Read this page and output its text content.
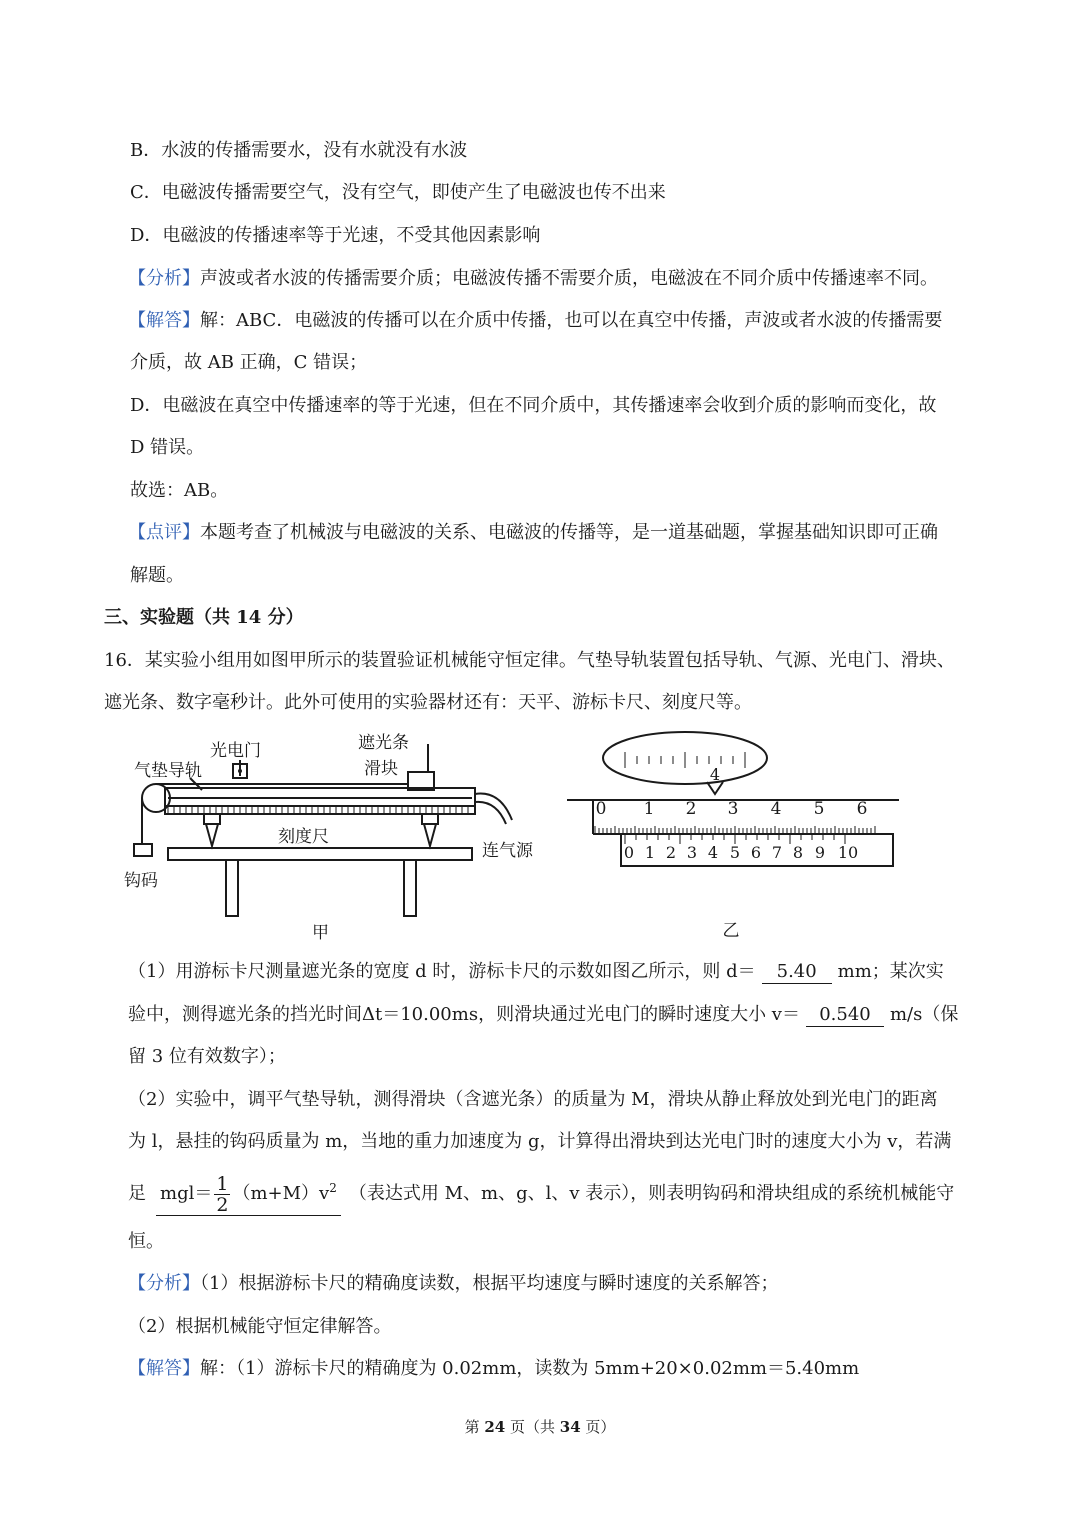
B．水波的传播需要水，没有水就没有水波
C．电磁波传播需要空气，没有空气，即使产生了电磁波也传不出来
D．电磁波的传播速率等于光速，不受其他因素影响
【分析】声波或者水波的传播需要介质；电磁波传播不需要介质，电磁波在不同介质中传播速率不同。
【解答】解：ABC．电磁波的传播可以在介质中传播，也可以在真空中传播，声波或者水波的传播需要
介质，故 AB 正确，C 错误；
D．电磁波在真空中传播速率的等于光速，但在不同介质中，其传播速率会收到介质的影响而变化，故
D 错误。
故选：AB。
【点评】本题考查了机械波与电磁波的关系、电磁波的传播等，是一道基础题，掌握基础知识即可正确
解题。
三、实验题（共 14 分）
16．某实验小组用如图甲所示的装置验证机械能守恒定律。气垫导轨装置包括导轨、气源、光电门、滑块、
遮光条、数字毫秒计。此外可使用的实验器材还有：天平、游标卡尺、刻度尺等。
气垫导轨
光电门	遮光条
滑块
刻度尺
连气源
钩码
甲
0 1 2 3 4 5 6
0 1 2 3 4 5 6 7 8 9 10
4
乙
（1）用游标卡尺测量遮光条的宽度 d 时，游标卡尺的示数如图乙所示，则 d＝ 5.40 mm；某次实
验中，测得遮光条的挡光时间Δt＝10.00ms，则滑块通过光电门的瞬时速度大小 v＝ 0.540 m/s（保
留 3 位有效数字）；
（2）实验中，调平气垫导轨，测得滑块（含遮光条）的质量为 M，滑块从静止释放处到光电门的距离
为 l，悬挂的钩码质量为 m，当地的重力加速度为 g，计算得出滑块到达光电门时的速度大小为 v，若满
足 $mgl= \frac{1}{2} (m+M)v^2$ （表达式用 M、m、g、l、v 表示），则表明钩码和滑块组成的系统机械能守
恒。
【分析】（1）根据游标卡尺的精确度读数，根据平均速度与瞬时速度的关系解答；
（2）根据机械能守恒定律解答。
【解答】解：（1）游标卡尺的精确度为 0.02mm，读数为 5mm+20×0.02mm＝5.40mm
第 24 页（共 34 页）
